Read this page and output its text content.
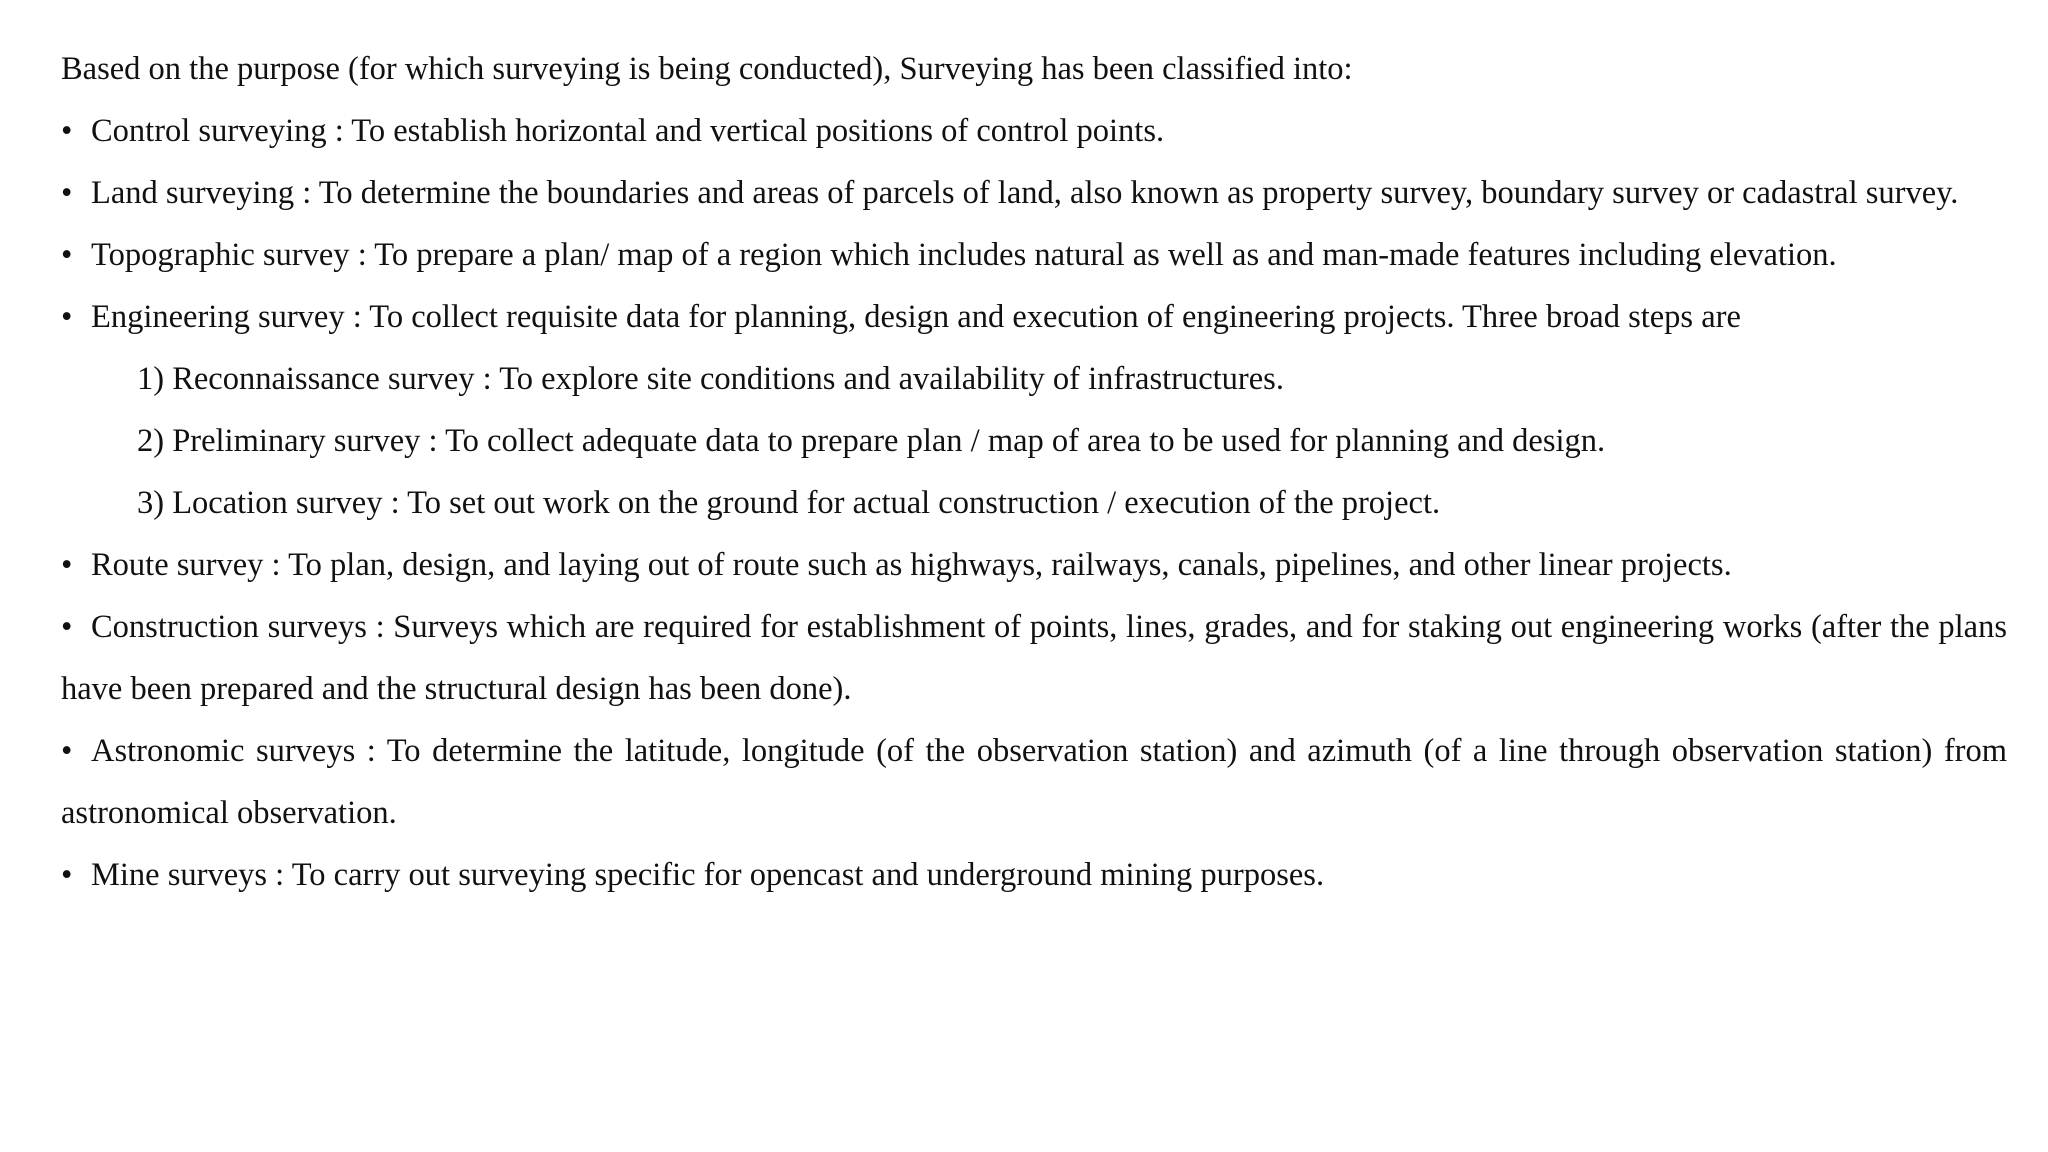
Based on the purpose (for which surveying is being conducted), Surveying has been classified into:

• Control surveying : To establish horizontal and vertical positions of control points.

• Land surveying : To determine the boundaries and areas of parcels of land, also known as property survey, boundary survey or cadastral survey.

• Topographic survey : To prepare a plan/ map of a region which includes natural as well as and man-made features including elevation.

• Engineering survey : To collect requisite data for planning, design and execution of engineering projects. Three broad steps are

1) Reconnaissance survey : To explore site conditions and availability of infrastructures.

2) Preliminary survey : To collect adequate data to prepare plan / map of area to be used for planning and design.

3) Location survey : To set out work on the ground for actual construction / execution of the project.

• Route survey : To plan, design, and laying out of route such as highways, railways, canals, pipelines, and other linear projects.

• Construction surveys : Surveys which are required for establishment of points, lines, grades, and for staking out engineering works (after the plans have been prepared and the structural design has been done).

• Astronomic surveys : To determine the latitude, longitude (of the observation station) and azimuth (of a line through observation station) from astronomical observation.

• Mine surveys : To carry out surveying specific for opencast and underground mining purposes.
